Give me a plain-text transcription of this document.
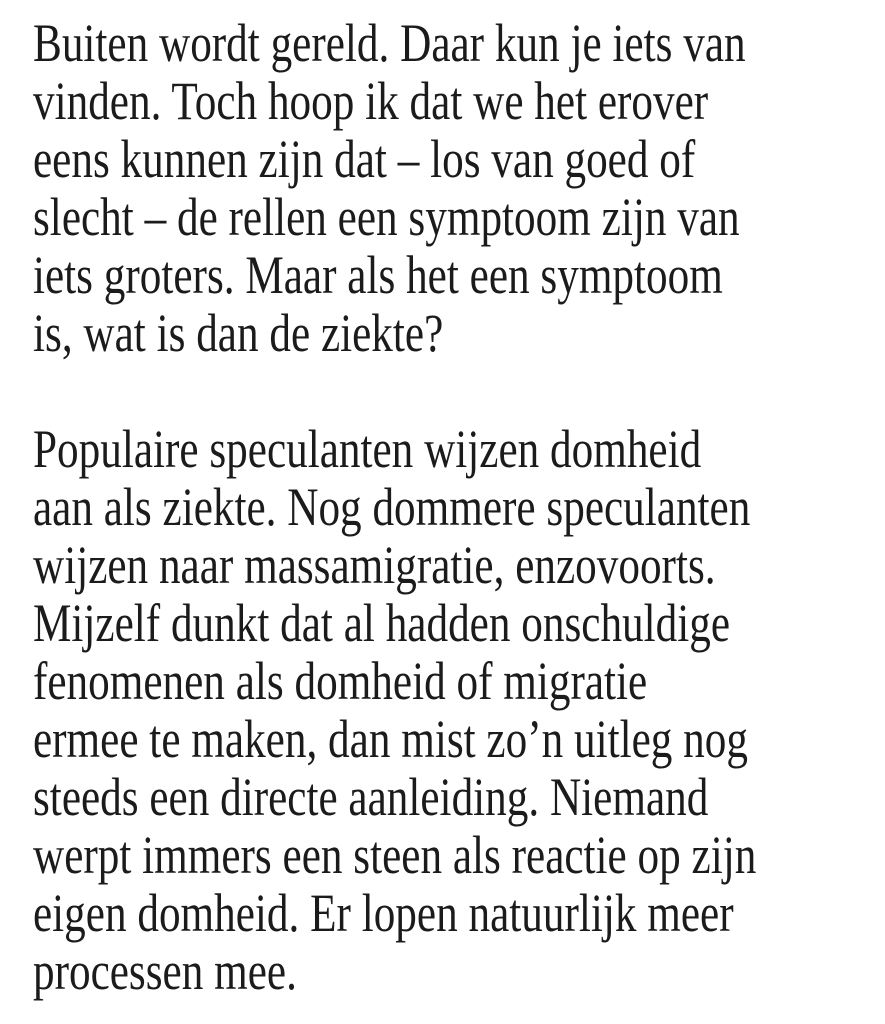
Buiten wordt gereld. Daar kun je iets van
vinden. Toch hoop ik dat we het erover
eens kunnen zijn dat – los van goed of
slecht – de rellen een symptoom zijn van
iets groters. Maar als het een symptoom
is, wat is dan de ziekte?
Populaire speculanten wijzen domheid
aan als ziekte. Nog dommere speculanten
wijzen naar massamigratie, enzovoorts.
Mijzelf dunkt dat al hadden onschuldige
fenomenen als domheid of migratie
ermee te maken, dan mist zo’n uitleg nog
steeds een directe aanleiding. Niemand
werpt immers een steen als reactie op zijn
eigen domheid. Er lopen natuurlijk meer
processen mee.
